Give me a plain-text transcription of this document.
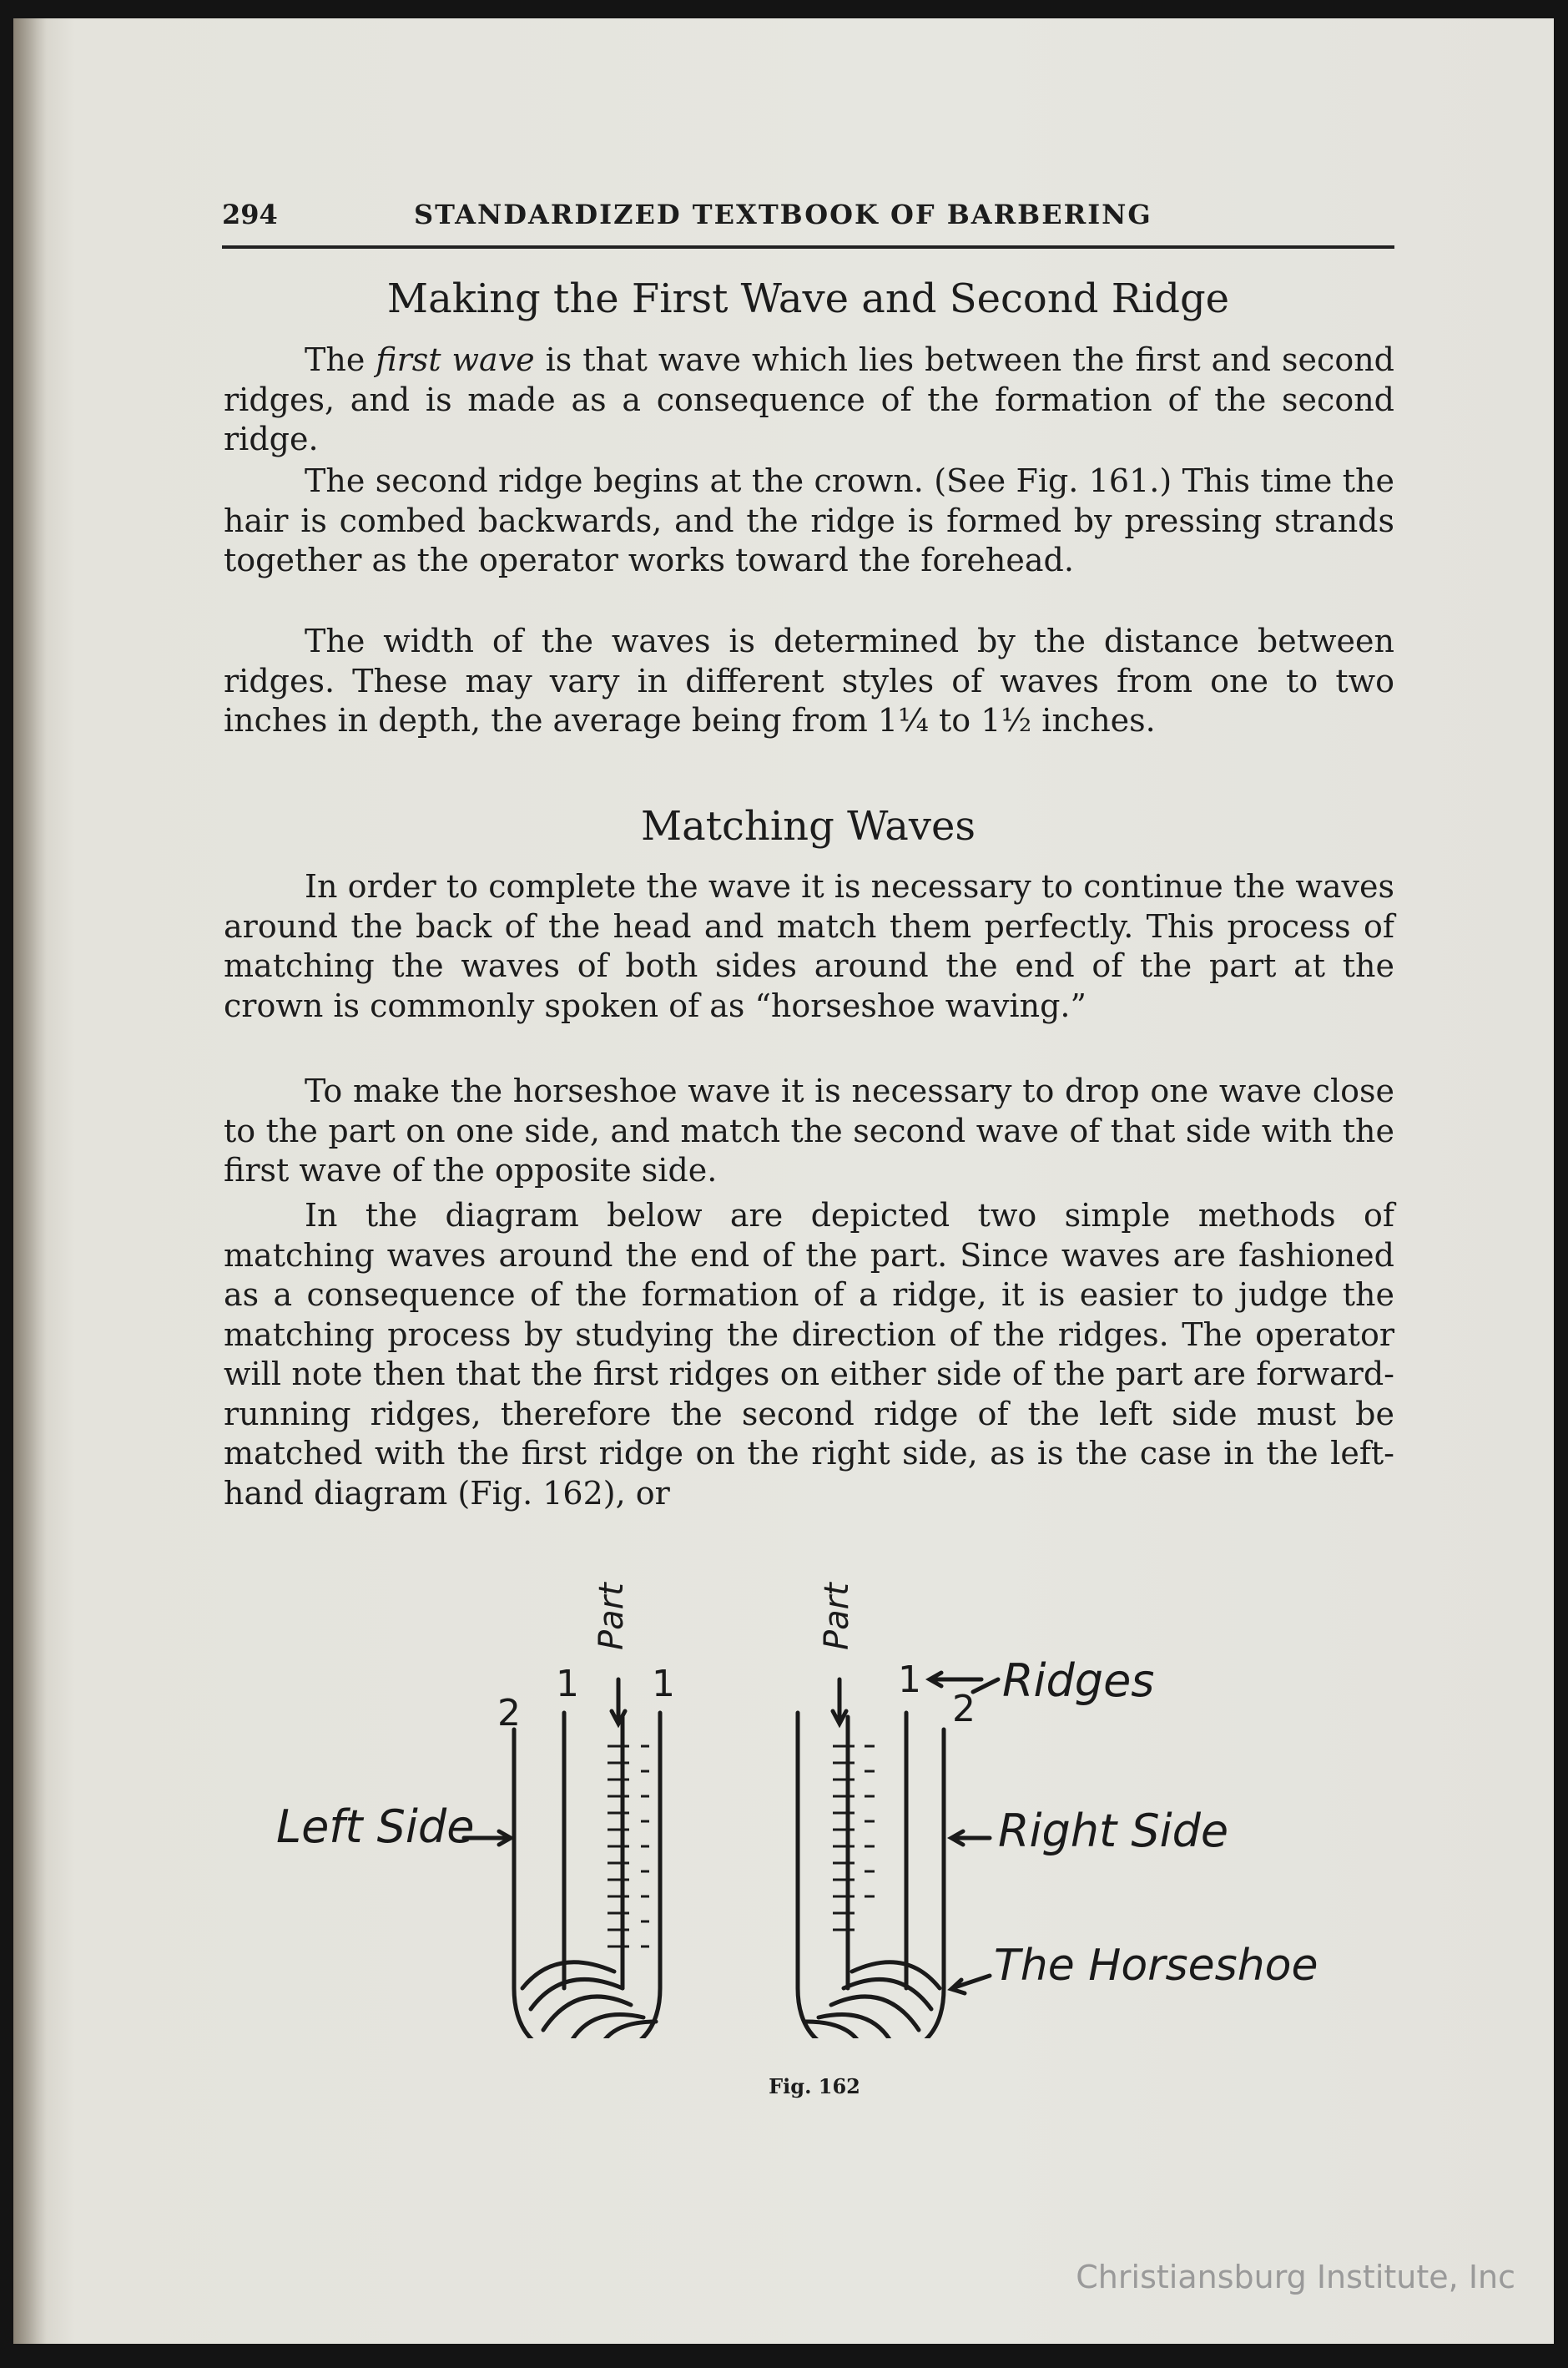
294	STANDARDIZED TEXTBOOK OF BARBERING
Making the First Wave and Second Ridge

The first wave is that wave which lies between the first and second ridges, and is made as a consequence of the formation of the second ridge.

The second ridge begins at the crown. (See Fig. 161.) This time the hair is combed backwards, and the ridge is formed by pressing strands together as the operator works toward the forehead.

The width of the waves is determined by the distance between ridges. These may vary in different styles of waves from one to two inches in depth, the average being from 1¼ to 1½ inches.

Matching Waves

In order to complete the wave it is necessary to continue the waves around the back of the head and match them perfectly. This process of matching the waves of both sides around the end of the part at the crown is commonly spoken of as “horseshoe waving.”

To make the horseshoe wave it is necessary to drop one wave close to the part on one side, and match the second wave of that side with the first wave of the opposite side.

In the diagram below are depicted two simple methods of matching waves around the end of the part. Since waves are fashioned as a consequence of the formation of a ridge, it is easier to judge the matching process by studying the direction of the ridges. The operator will note then that the first ridges on either side of the part are forward-running ridges, therefore the second ridge of the left side must be matched with the first ridge on the right side, as is the case in the left-hand diagram (Fig. 162), or

Part	Part
1 1
2
1
2
Ridges
Left Side	Right Side
The Horseshoe
Fig. 162
Christiansburg Institute, Inc
